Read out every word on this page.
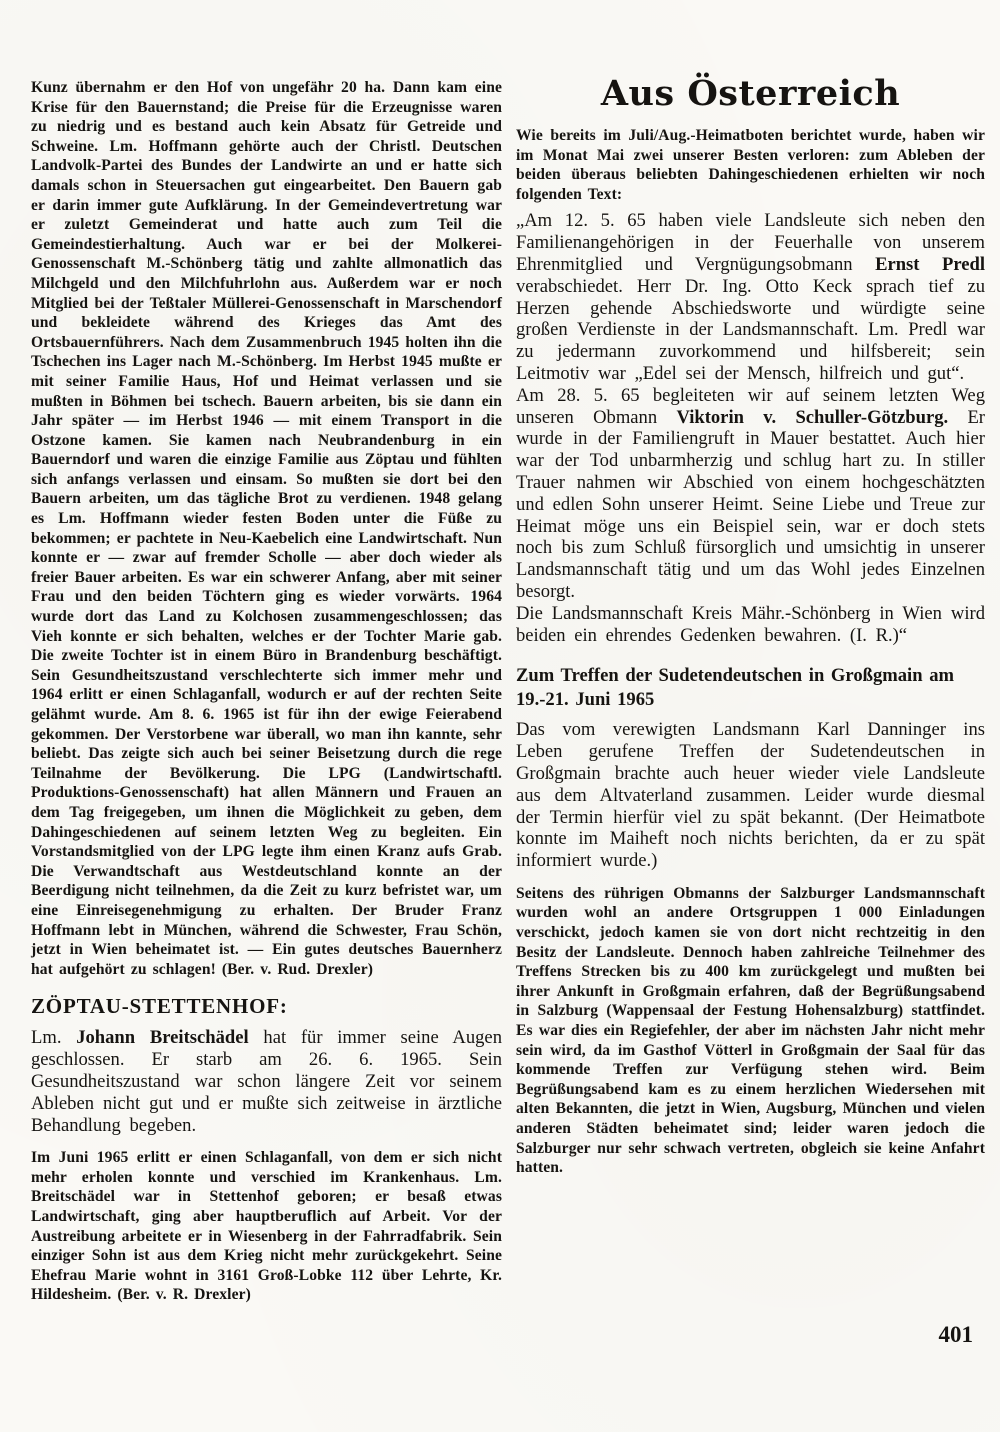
Kunz übernahm er den Hof von ungefähr 20 ha. Dann kam eine Krise für den Bauernstand; die Preise für die Erzeugnisse waren zu niedrig und es bestand auch kein Absatz für Getreide und Schweine. Lm. Hoffmann gehörte auch der Christl. Deutschen Landvolk-Partei des Bundes der Landwirte an und er hatte sich damals schon in Steuersachen gut eingearbeitet. Den Bauern gab er darin immer gute Aufklärung. In der Gemeindevertretung war er zuletzt Gemeinderat und hatte auch zum Teil die Gemeindestierhaltung. Auch war er bei der Molkerei-Genossenschaft M.-Schönberg tätig und zahlte allmonatlich das Milchgeld und den Milchfuhrlohn aus. Außerdem war er noch Mitglied bei der Teßtaler Müllerei-Genossenschaft in Marschendorf und bekleidete während des Krieges das Amt des Ortsbauernführers. Nach dem Zusammenbruch 1945 holten ihn die Tschechen ins Lager nach M.-Schönberg. Im Herbst 1945 mußte er mit seiner Familie Haus, Hof und Heimat verlassen und sie mußten in Böhmen bei tschech. Bauern arbeiten, bis sie dann ein Jahr später — im Herbst 1946 — mit einem Transport in die Ostzone kamen. Sie kamen nach Neubrandenburg in ein Bauerndorf und waren die einzige Familie aus Zöptau und fühlten sich anfangs verlassen und einsam. So mußten sie dort bei den Bauern arbeiten, um das tägliche Brot zu verdienen. 1948 gelang es Lm. Hoffmann wieder festen Boden unter die Füße zu bekommen; er pachtete in Neu-Kaebelich eine Landwirtschaft. Nun konnte er — zwar auf fremder Scholle — aber doch wieder als freier Bauer arbeiten. Es war ein schwerer Anfang, aber mit seiner Frau und den beiden Töchtern ging es wieder vorwärts. 1964 wurde dort das Land zu Kolchosen zusammengeschlossen; das Vieh konnte er sich behalten, welches er der Tochter Marie gab. Die zweite Tochter ist in einem Büro in Brandenburg beschäftigt. Sein Gesundheitszustand verschlechterte sich immer mehr und 1964 erlitt er einen Schlaganfall, wodurch er auf der rechten Seite gelähmt wurde. Am 8. 6. 1965 ist für ihn der ewige Feierabend gekommen. Der Verstorbene war überall, wo man ihn kannte, sehr beliebt. Das zeigte sich auch bei seiner Beisetzung durch die rege Teilnahme der Bevölkerung. Die LPG (Landwirtschaftl. Produktions-Genossenschaft) hat allen Männern und Frauen an dem Tag freigegeben, um ihnen die Möglichkeit zu geben, dem Dahingeschiedenen auf seinem letzten Weg zu begleiten. Ein Vorstandsmitglied von der LPG legte ihm einen Kranz aufs Grab. Die Verwandtschaft aus Westdeutschland konnte an der Beerdigung nicht teilnehmen, da die Zeit zu kurz befristet war, um eine Einreisegenehmigung zu erhalten. Der Bruder Franz Hoffmann lebt in München, während die Schwester, Frau Schön, jetzt in Wien beheimatet ist. — Ein gutes deutsches Bauernherz hat aufgehört zu schlagen! (Ber. v. Rud. Drexler)

ZÖPTAU-STETTENHOF:

Lm. Johann Breitschädel hat für immer seine Augen geschlossen. Er starb am 26. 6. 1965. Sein Gesundheitszustand war schon längere Zeit vor seinem Ableben nicht gut und er mußte sich zeitweise in ärztliche Behandlung begeben.

Im Juni 1965 erlitt er einen Schlaganfall, von dem er sich nicht mehr erholen konnte und verschied im Krankenhaus. Lm. Breitschädel war in Stettenhof geboren; er besaß etwas Landwirtschaft, ging aber hauptberuflich auf Arbeit. Vor der Austreibung arbeitete er in Wiesenberg in der Fahrradfabrik. Sein einziger Sohn ist aus dem Krieg nicht mehr zurückgekehrt. Seine Ehefrau Marie wohnt in 3161 Groß-Lobke 112 über Lehrte, Kr. Hildesheim. (Ber. v. R. Drexler)

Aus Österreich

Wie bereits im Juli/Aug.-Heimatboten berichtet wurde, haben wir im Monat Mai zwei unserer Besten verloren: zum Ableben der beiden überaus beliebten Dahingeschiedenen erhielten wir noch folgenden Text:

„Am 12. 5. 65 haben viele Landsleute sich neben den Familienangehörigen in der Feuerhalle von unserem Ehrenmitglied und Vergnügungsobmann Ernst Predl verabschiedet. Herr Dr. Ing. Otto Keck sprach tief zu Herzen gehende Abschiedsworte und würdigte seine großen Verdienste in der Landsmannschaft. Lm. Predl war zu jedermann zuvorkommend und hilfsbereit; sein Leitmotiv war „Edel sei der Mensch, hilfreich und gut“.

Am 28. 5. 65 begleiteten wir auf seinem letzten Weg unseren Obmann Viktorin v. Schuller-Götzburg. Er wurde in der Familiengruft in Mauer bestattet. Auch hier war der Tod unbarmherzig und schlug hart zu. In stiller Trauer nahmen wir Abschied von einem hochgeschätzten und edlen Sohn unserer Heimt. Seine Liebe und Treue zur Heimat möge uns ein Beispiel sein, war er doch stets noch bis zum Schluß fürsorglich und umsichtig in unserer Landsmannschaft tätig und um das Wohl jedes Einzelnen besorgt.

Die Landsmannschaft Kreis Mähr.-Schönberg in Wien wird beiden ein ehrendes Gedenken bewahren. (I. R.)“

Zum Treffen der Sudetendeutschen in Großgmain am 19.-21. Juni 1965

Das vom verewigten Landsmann Karl Danninger ins Leben gerufene Treffen der Sudetendeutschen in Großgmain brachte auch heuer wieder viele Landsleute aus dem Altvaterland zusammen. Leider wurde diesmal der Termin hierfür viel zu spät bekannt. (Der Heimatbote konnte im Maiheft noch nichts berichten, da er zu spät informiert wurde.)

Seitens des rührigen Obmanns der Salzburger Landsmannschaft wurden wohl an andere Ortsgruppen 1 000 Einladungen verschickt, jedoch kamen sie von dort nicht rechtzeitig in den Besitz der Landsleute. Dennoch haben zahlreiche Teilnehmer des Treffens Strecken bis zu 400 km zurückgelegt und mußten bei ihrer Ankunft in Großgmain erfahren, daß der Begrüßungsabend in Salzburg (Wappensaal der Festung Hohensalzburg) stattfindet. Es war dies ein Regiefehler, der aber im nächsten Jahr nicht mehr sein wird, da im Gasthof Vötterl in Großgmain der Saal für das kommende Treffen zur Verfügung stehen wird. Beim Begrüßungsabend kam es zu einem herzlichen Wiedersehen mit alten Bekannten, die jetzt in Wien, Augsburg, München und vielen anderen Städten beheimatet sind; leider waren jedoch die Salzburger nur sehr schwach vertreten, obgleich sie keine Anfahrt hatten.

401
